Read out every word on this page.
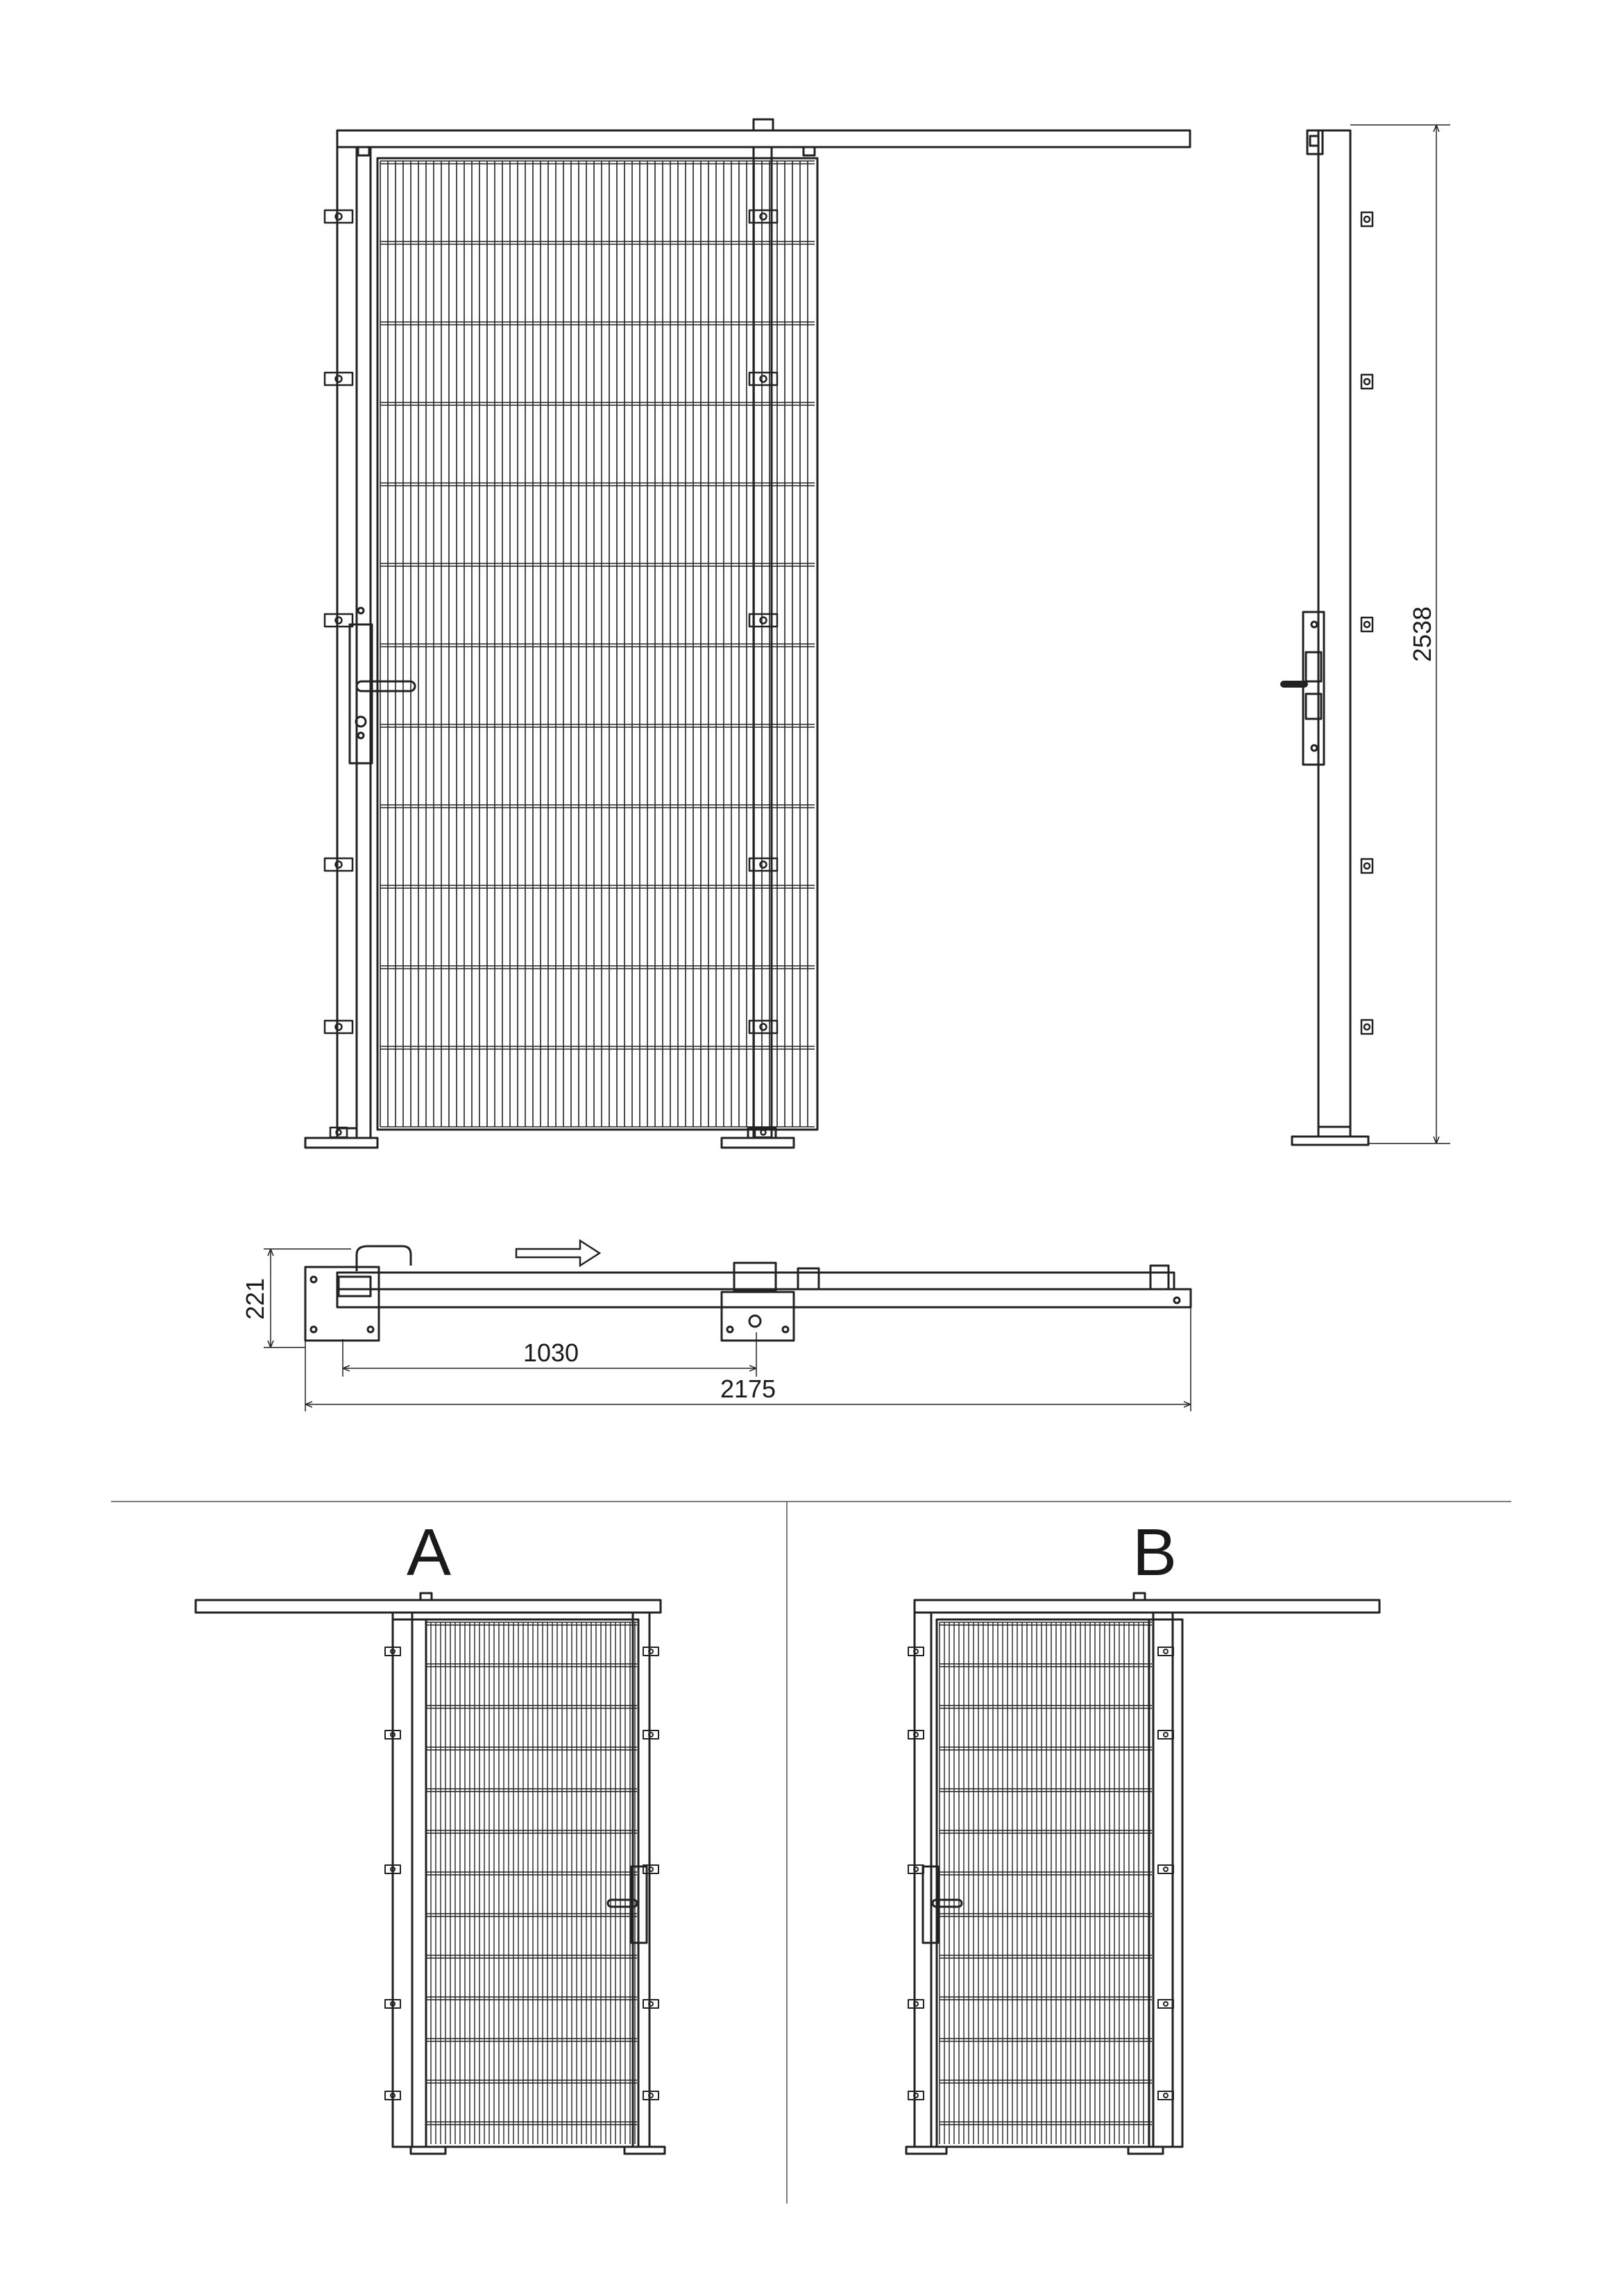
2538
221
1030
2175
A	B
